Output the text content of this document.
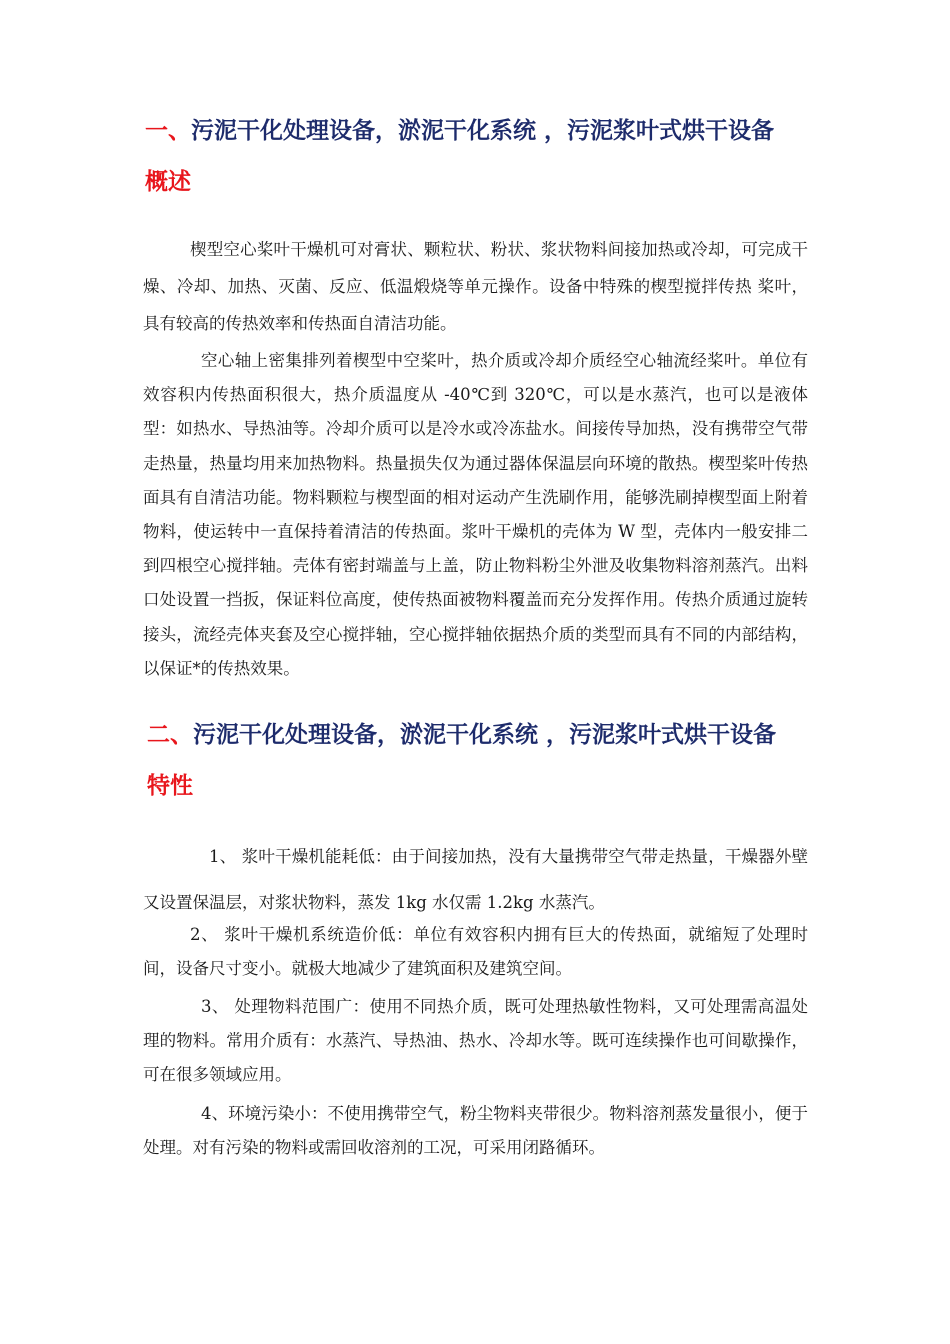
一、污泥干化处理设备，淤泥干化系统 ，污泥浆叶式烘干设备
概述

楔型空心桨叶干燥机可对膏状、颗粒状、粉状、浆状物料间接加热或冷却，可完成干燥、冷却、加热、灭菌、反应、低温煅烧等单元操作。设备中特殊的楔型搅拌传热 桨叶，具有较高的传热效率和传热面自清洁功能。

空心轴上密集排列着楔型中空桨叶，热介质或冷却介质经空心轴流经桨叶。单位有效容积内传热面积很大，热介质温度从 -40℃到 320℃，可以是水蒸汽，也可以是液体型：如热水、导热油等。冷却介质可以是冷水或冷冻盐水。间接传导加热，没有携带空气带走热量，热量均用来加热物料。热量损失仅为通过器体保温层向环境的散热。楔型桨叶传热面具有自清洁功能。物料颗粒与楔型面的相对运动产生洗刷作用，能够洗刷掉楔型面上附着物料，使运转中一直保持着清洁的传热面。浆叶干燥机的壳体为 W 型，壳体内一般安排二到四根空心搅拌轴。壳体有密封端盖与上盖，防止物料粉尘外泄及收集物料溶剂蒸汽。出料口处设置一挡扳，保证料位高度，使传热面被物料覆盖而充分发挥作用。传热介质通过旋转接头，流经壳体夹套及空心搅拌轴，空心搅拌轴依据热介质的类型而具有不同的内部结构，以保证*的传热效果。

二、污泥干化处理设备，淤泥干化系统 ，污泥浆叶式烘干设备
特性

1、 浆叶干燥机能耗低：由于间接加热，没有大量携带空气带走热量，干燥器外壁又设置保温层，对浆状物料，蒸发 1kg 水仅需 1.2kg 水蒸汽。

2、 浆叶干燥机系统造价低：单位有效容积内拥有巨大的传热面，就缩短了处理时间，设备尺寸变小。就极大地减少了建筑面积及建筑空间。

3、 处理物料范围广：使用不同热介质，既可处理热敏性物料，又可处理需高温处理的物料。常用介质有：水蒸汽、导热油、热水、冷却水等。既可连续操作也可间歇操作，可在很多领域应用。

4、环境污染小：不使用携带空气，粉尘物料夹带很少。物料溶剂蒸发量很小，便于处理。对有污染的物料或需回收溶剂的工况，可采用闭路循环。
